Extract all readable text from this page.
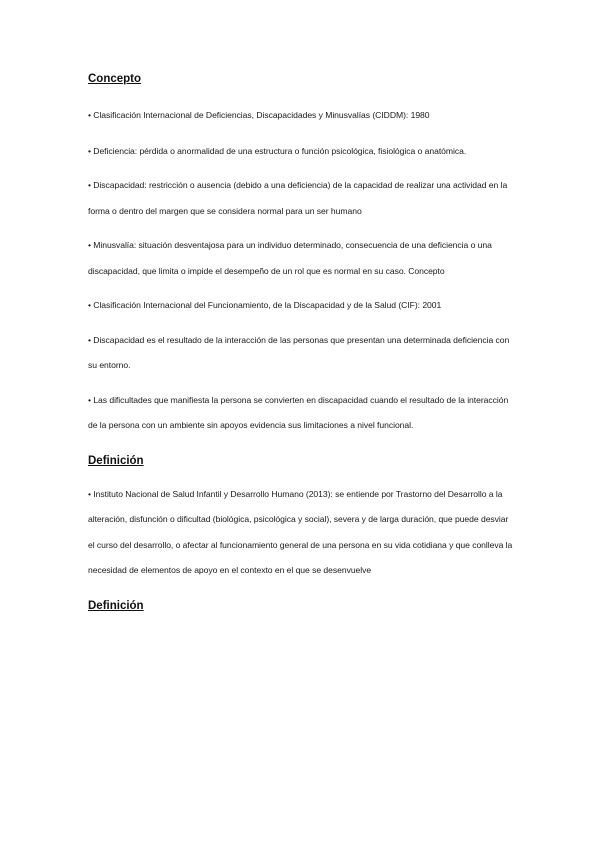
Concepto

• Clasificación Internacional de Deficiencias, Discapacidades y Minusvalías (CIDDM): 1980

• Deficiencia: pérdida o anormalidad de una estructura o función psicológica, fisiológica o anatómica.

• Discapacidad: restricción o ausencia (debido a una deficiencia) de la capacidad de realizar una actividad en la forma o dentro del margen que se considera normal para un ser humano

• Minusvalía: situación desventajosa para un individuo determinado, consecuencia de una deficiencia o una discapacidad, que limita o impide el desempeño de un rol que es normal en su caso. Concepto

• Clasificación Internacional del Funcionamiento, de la Discapacidad y de la Salud (CIF): 2001

• Discapacidad es el resultado de la interacción de las personas que presentan una determinada deficiencia con su entorno.

• Las dificultades que manifiesta la persona se convierten en discapacidad cuando el resultado de la interacción de la persona con un ambiente sin apoyos evidencia sus limitaciones a nivel funcional.

Definición

• Instituto Nacional de Salud Infantil y Desarrollo Humano (2013): se entiende por Trastorno del Desarrollo a la alteración, disfunción o dificultad (biológica, psicológica y social), severa y de larga duración, que puede desviar el curso del desarrollo, o afectar al funcionamiento general de una persona en su vida cotidiana y que conlleva la necesidad de elementos de apoyo en el contexto en el que se desenvuelve

Definición
